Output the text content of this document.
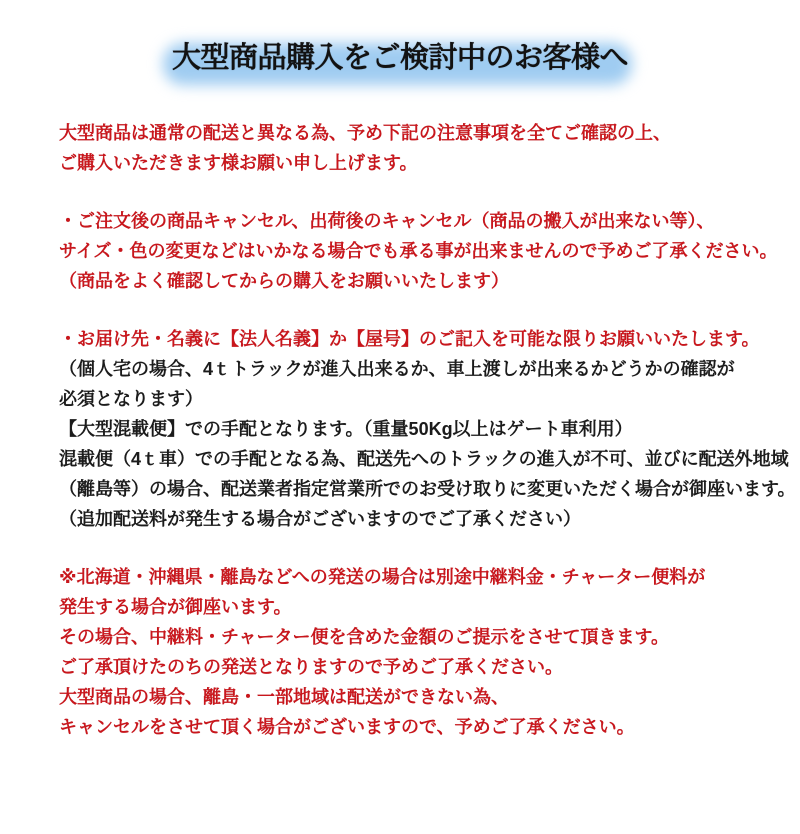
大型商品購入をご検討中のお客様へ
大型商品は通常の配送と異なる為、予め下記の注意事項を全てご確認の上、
ご購入いただきます様お願い申し上げます。
・ご注文後の商品キャンセル、出荷後のキャンセル（商品の搬入が出来ない等）、
サイズ・色の変更などはいかなる場合でも承る事が出来ませんので予めご了承ください。
（商品をよく確認してからの購入をお願いいたします）
・お届け先・名義に【法人名義】か【屋号】のご記入を可能な限りお願いいたします。
（個人宅の場合、4ｔトラックが進入出来るか、車上渡しが出来るかどうかの確認が
必須となります）
【大型混載便】での手配となります。（重量50Kg以上はゲート車利用）
混載便（4ｔ車）での手配となる為、配送先へのトラックの進入が不可、並びに配送外地域
（離島等）の場合、配送業者指定営業所でのお受け取りに変更いただく場合が御座います。
（追加配送料が発生する場合がございますのでご了承ください）
※北海道・沖縄県・離島などへの発送の場合は別途中継料金・チャーター便料が
発生する場合が御座います。
その場合、中継料・チャーター便を含めた金額のご提示をさせて頂きます。
ご了承頂けたのちの発送となりますので予めご了承ください。
大型商品の場合、離島・一部地域は配送ができない為、
キャンセルをさせて頂く場合がございますので、予めご了承ください。
